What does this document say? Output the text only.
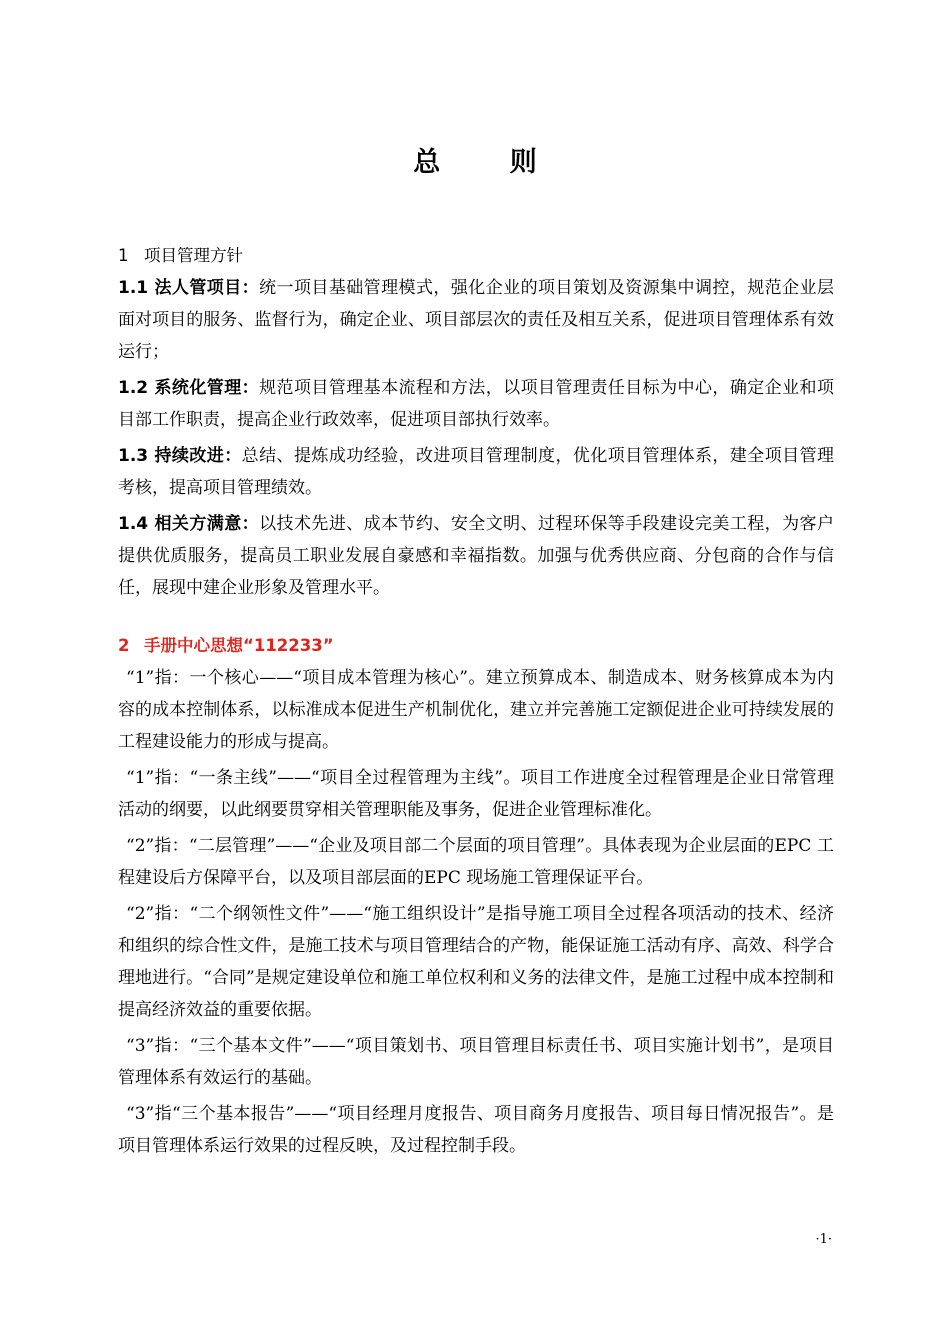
总 则
1 项目管理方针

1.1 法人管项目：统一项目基础管理模式，强化企业的项目策划及资源集中调控，规范企业层面对项目的服务、监督行为，确定企业、项目部层次的责任及相互关系，促进项目管理体系有效运行；

1.2 系统化管理：规范项目管理基本流程和方法，以项目管理责任目标为中心，确定企业和项目部工作职责，提高企业行政效率，促进项目部执行效率。

1.3 持续改进：总结、提炼成功经验，改进项目管理制度，优化项目管理体系，建全项目管理考核，提高项目管理绩效。

1.4 相关方满意：以技术先进、成本节约、安全文明、过程环保等手段建设完美工程，为客户提供优质服务，提高员工职业发展自豪感和幸福指数。加强与优秀供应商、分包商的合作与信任，展现中建企业形象及管理水平。

2 手册中心思想“112233”

“1”指：一个核心——“项目成本管理为核心”。建立预算成本、制造成本、财务核算成本为内容的成本控制体系，以标准成本促进生产机制优化，建立并完善施工定额促进企业可持续发展的工程建设能力的形成与提高。

“1”指：“一条主线”——“项目全过程管理为主线”。项目工作进度全过程管理是企业日常管理活动的纲要，以此纲要贯穿相关管理职能及事务，促进企业管理标准化。

“2”指：“二层管理”——“企业及项目部二个层面的项目管理”。具体表现为企业层面的EPC 工程建设后方保障平台，以及项目部层面的EPC 现场施工管理保证平台。

“2”指：“二个纲领性文件”——“施工组织设计”是指导施工项目全过程各项活动的技术、经济和组织的综合性文件，是施工技术与项目管理结合的产物，能保证施工活动有序、高效、科学合理地进行。“合同”是规定建设单位和施工单位权利和义务的法律文件，是施工过程中成本控制和提高经济效益的重要依据。

“3”指：“三个基本文件”——“项目策划书、项目管理目标责任书、项目实施计划书”，是项目管理体系有效运行的基础。

“3”指“三个基本报告”——“项目经理月度报告、项目商务月度报告、项目每日情况报告”。是项目管理体系运行效果的过程反映，及过程控制手段。

·1·
